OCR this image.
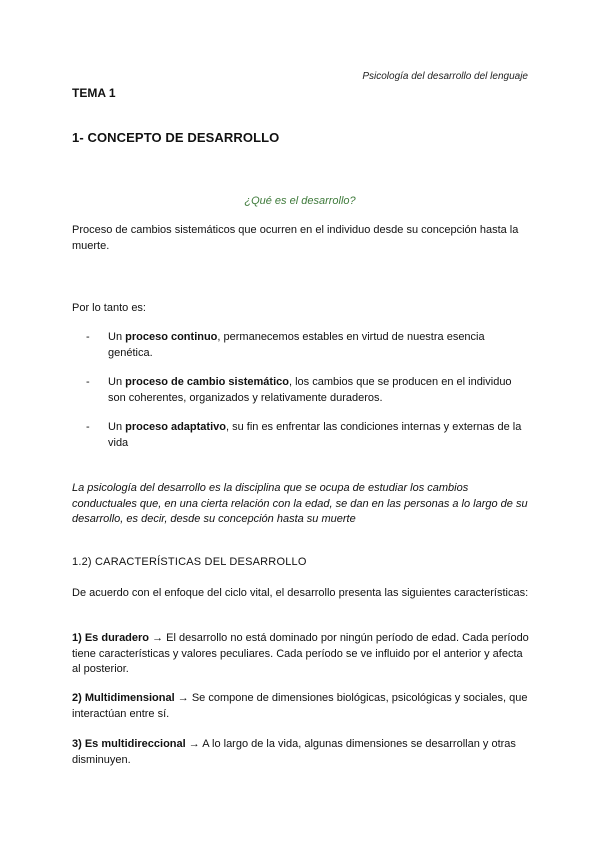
Psicología del desarrollo del lenguaje
TEMA 1
1- CONCEPTO DE DESARROLLO
¿Qué es el desarrollo?
Proceso de cambios sistemáticos que ocurren en el individuo desde su concepción hasta la muerte.
Por lo tanto es:
- Un proceso continuo, permanecemos estables en virtud de nuestra esencia genética.
- Un proceso de cambio sistemático, los cambios que se producen en el individuo son coherentes, organizados y relativamente duraderos.
- Un proceso adaptativo, su fin es enfrentar las condiciones internas y externas de la vida
La psicología del desarrollo es la disciplina que se ocupa de estudiar los cambios conductuales que, en una cierta relación con la edad, se dan en las personas a lo largo de su desarrollo, es decir, desde su concepción hasta su muerte
1.2) CARACTERÍSTICAS DEL DESARROLLO
De acuerdo con el enfoque del ciclo vital, el desarrollo presenta las siguientes características:
1) Es duradero → El desarrollo no está dominado por ningún período de edad. Cada período tiene características y valores peculiares. Cada período se ve influido por el anterior y afecta al posterior.
2) Multidimensional → Se compone de dimensiones biológicas, psicológicas y sociales, que interactúan entre sí.
3) Es multidireccional → A lo largo de la vida, algunas dimensiones se desarrollan y otras disminuyen.
